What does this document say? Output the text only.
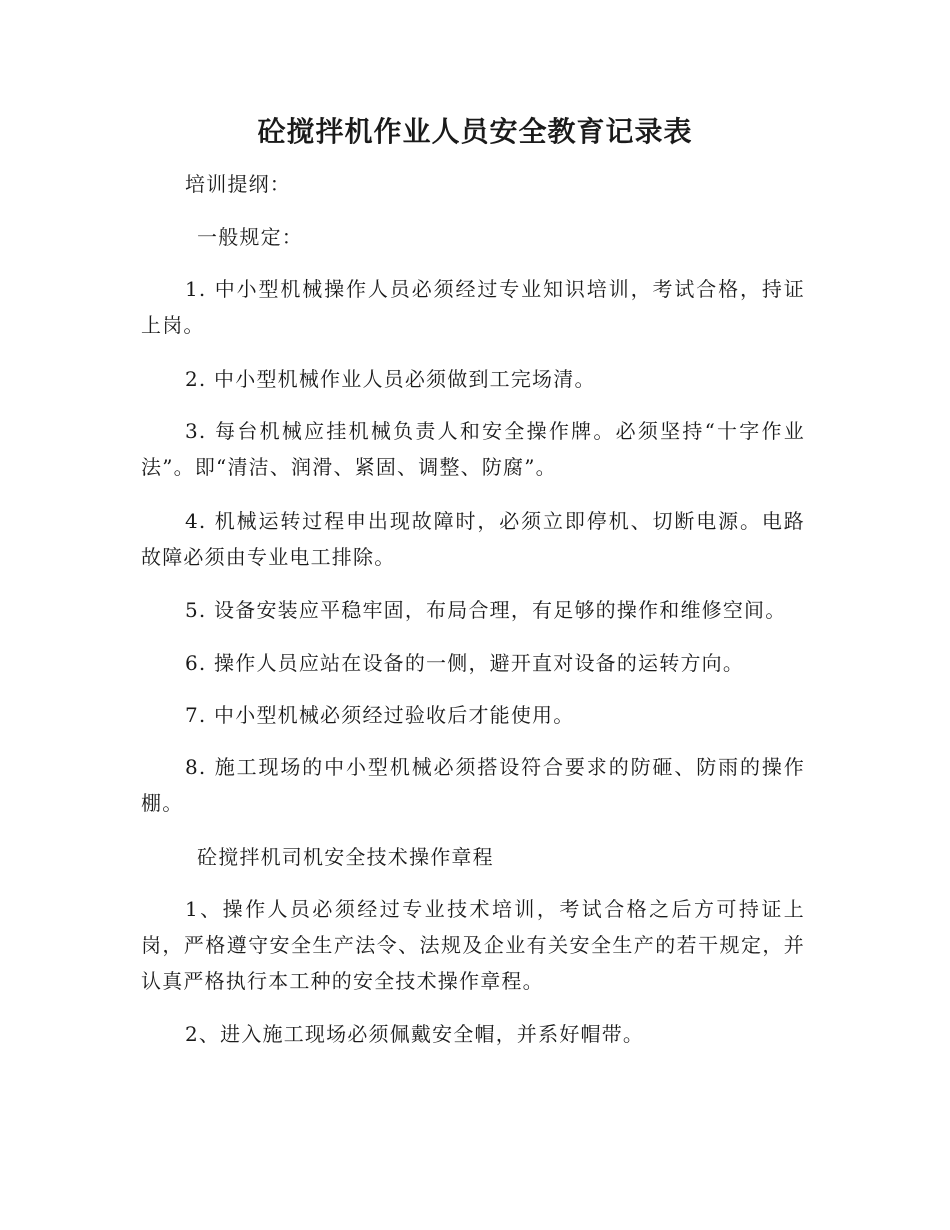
砼搅拌机作业人员安全教育记录表
培训提纲：
一般规定：
1. 中小型机械操作人员必须经过专业知识培训，考试合格，持证上岗。
2. 中小型机械作业人员必须做到工完场清。
3. 每台机械应挂机械负责人和安全操作牌。必须坚持“十字作业法”。即“清洁、润滑、紧固、调整、防腐”。
4. 机械运转过程申出现故障时，必须立即停机、切断电源。电路故障必须由专业电工排除。
5. 设备安装应平稳牢固，布局合理，有足够的操作和维修空间。
6. 操作人员应站在设备的一侧，避开直对设备的运转方向。
7. 中小型机械必须经过验收后才能使用。
8. 施工现场的中小型机械必须搭设符合要求的防砸、防雨的操作棚。
砼搅拌机司机安全技术操作章程
1、操作人员必须经过专业技术培训，考试合格之后方可持证上岗，严格遵守安全生产法令、法规及企业有关安全生产的若干规定，并认真严格执行本工种的安全技术操作章程。
2、进入施工现场必须佩戴安全帽，并系好帽带。
